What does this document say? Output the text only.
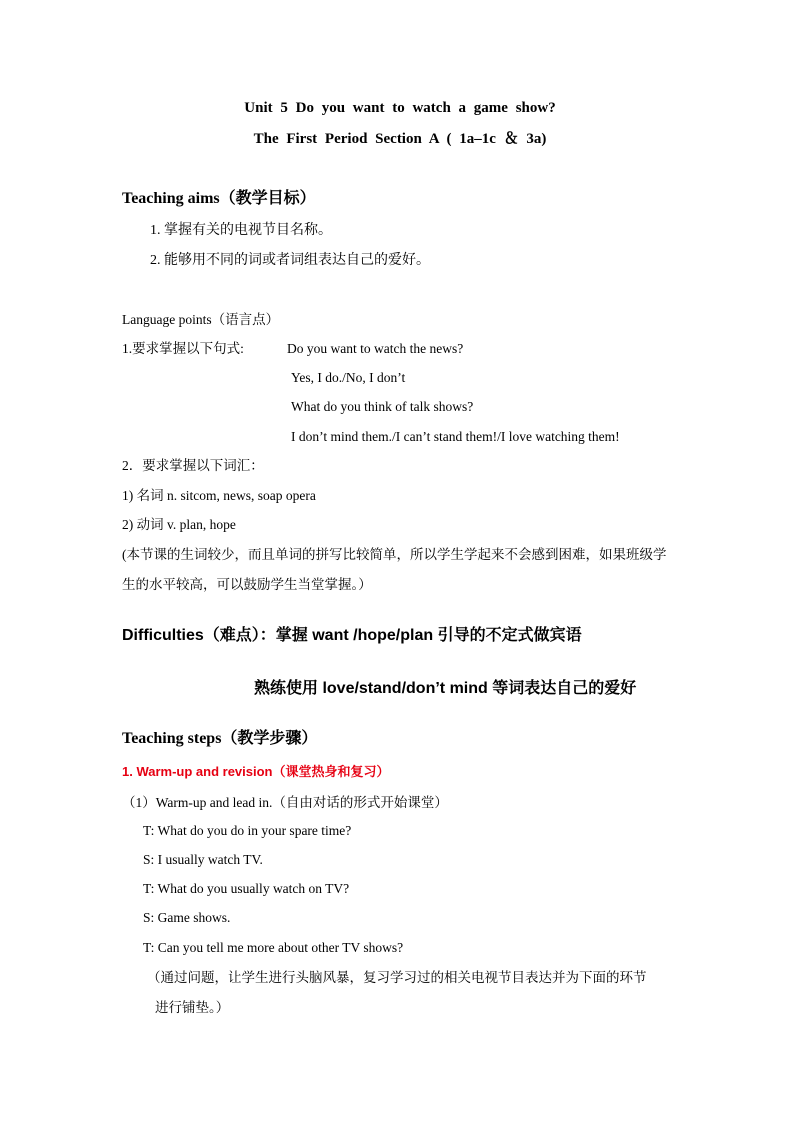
Unit 5 Do you want to watch a game show?
The First Period Section A ( 1a–1c ＆ 3a)
Teaching aims（教学目标）
1. 掌握有关的电视节目名称。
2. 能够用不同的词或者词组表达自己的爱好。
Language points（语言点）
1.要求掌握以下句式:	Do you want to watch the news?
Yes, I do./No, I don’t
What do you think of talk shows?
I don’t mind them./I can’t stand them!/I love watching them!
2．要求掌握以下词汇：
1) 名词 n. sitcom, news, soap opera
2) 动词 v. plan, hope
(本节课的生词较少，而且单词的拼写比较简单，所以学生学起来不会感到困难，如果班级学
生的水平较高，可以鼓励学生当堂掌握。）
Difficulties（难点）：掌握 want /hope/plan 引导的不定式做宾语
熟练使用 love/stand/don’t mind 等词表达自己的爱好
Teaching steps（教学步骤）
1. Warm-up and revision（课堂热身和复习）
（1）Warm-up and lead in.（自由对话的形式开始课堂）
T: What do you do in your spare time?
S: I usually watch TV.
T: What do you usually watch on TV?
S: Game shows.
T: Can you tell me more about other TV shows?
（通过问题，让学生进行头脑风暴，复习学习过的相关电视节目表达并为下面的环节
进行铺垫。）
